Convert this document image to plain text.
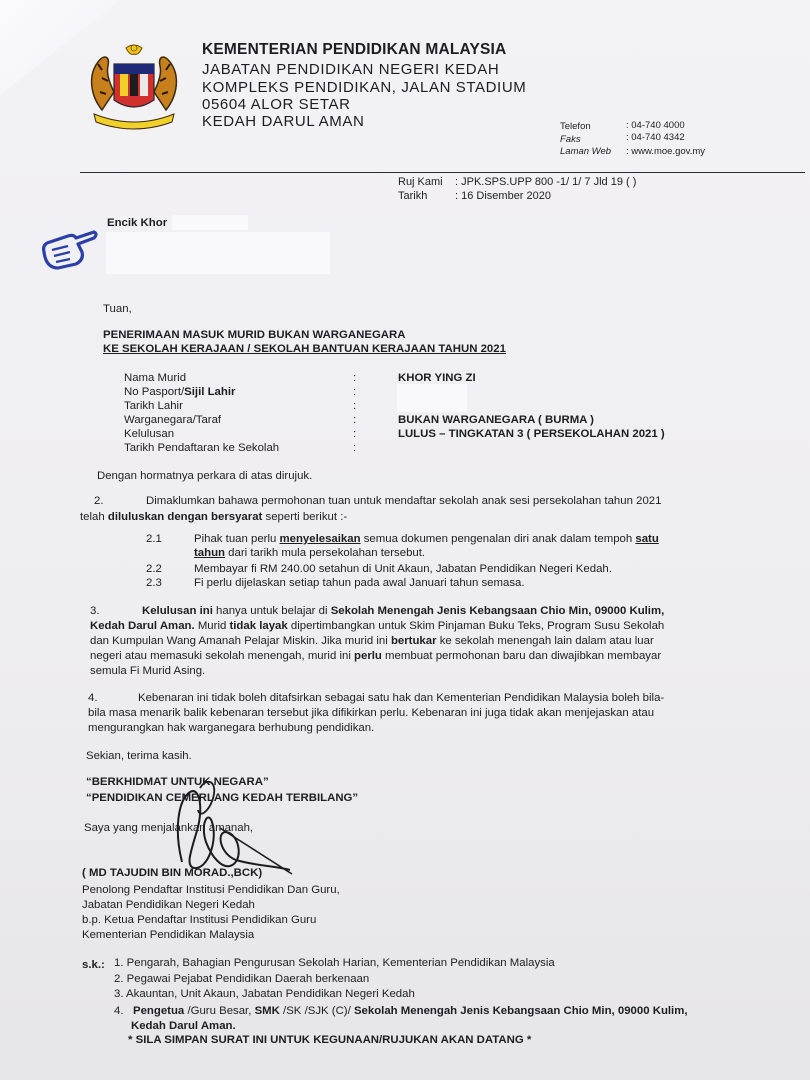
KEMENTERIAN PENDIDIKAN MALAYSIA
JABATAN PENDIDIKAN NEGERI KEDAH
KOMPLEKS PENDIDIKAN, JALAN STADIUM
05604 ALOR SETAR
KEDAH DARUL AMAN	Telefon	: 04-740 4000
Faks	: 04-740 4342
Laman Web : www.moe.gov.my
Ruj Kami : JPK.SPS.UPP 800 -1/ 1/ 7 Jld 19 ( )
Tarikh	: 16 Disember 2020
Encik Khor
Tuan,
PENERIMAAN MASUK MURID BUKAN WARGANEGARA
KE SEKOLAH KERAJAAN / SEKOLAH BANTUAN KERAJAAN TAHUN 2021
Nama Murid	:	KHOR YING ZI
No Pasport/Sijil Lahir	:
Tarikh Lahir	:
Warganegara/Taraf	:	BUKAN WARGANEGARA ( BURMA )
Kelulusan	:	LULUS – TINGKATAN 3 ( PERSEKOLAHAN 2021 )
Tarikh Pendaftaran ke Sekolah	:
Dengan hormatnya perkara di atas dirujuk.
2.	Dimaklumkan bahawa permohonan tuan untuk mendaftar sekolah anak sesi persekolahan tahun 2021
telah diluluskan dengan bersyarat seperti berikut :-
2.1	Pihak tuan perlu menyelesaikan semua dokumen pengenalan diri anak dalam tempoh satu
tahun dari tarikh mula persekolahan tersebut.
2.2	Membayar fi RM 240.00 setahun di Unit Akaun, Jabatan Pendidikan Negeri Kedah.
2.3	Fi perlu dijelaskan setiap tahun pada awal Januari tahun semasa.
3.	Kelulusan ini hanya untuk belajar di Sekolah Menengah Jenis Kebangsaan Chio Min, 09000 Kulim,
Kedah Darul Aman. Murid tidak layak dipertimbangkan untuk Skim Pinjaman Buku Teks, Program Susu Sekolah
dan Kumpulan Wang Amanah Pelajar Miskin. Jika murid ini bertukar ke sekolah menengah lain dalam atau luar
negeri atau memasuki sekolah menengah, murid ini perlu membuat permohonan baru dan diwajibkan membayar
semula Fi Murid Asing.
4.	Kebenaran ini tidak boleh ditafsirkan sebagai satu hak dan Kementerian Pendidikan Malaysia boleh bila-
bila masa menarik balik kebenaran tersebut jika difikirkan perlu. Kebenaran ini juga tidak akan menjejaskan atau
mengurangkan hak warganegara berhubung pendidikan.
Sekian, terima kasih.
“BERKHIDMAT UNTUK NEGARA”
“PENDIDIKAN CEMERLANG KEDAH TERBILANG”
Saya yang menjalankan amanah,
( MD TAJUDIN BIN MORAD.,BCK)
Penolong Pendaftar Institusi Pendidikan Dan Guru,
Jabatan Pendidikan Negeri Kedah
b.p. Ketua Pendaftar Institusi Pendidikan Guru
Kementerian Pendidikan Malaysia
s.k.: 1. Pengarah, Bahagian Pengurusan Sekolah Harian, Kementerian Pendidikan Malaysia
2. Pegawai Pejabat Pendidikan Daerah berkenaan
3. Akauntan, Unit Akaun, Jabatan Pendidikan Negeri Kedah
4. Pengetua /Guru Besar, SMK /SK /SJK (C)/ Sekolah Menengah Jenis Kebangsaan Chio Min, 09000 Kulim,
Kedah Darul Aman.
* SILA SIMPAN SURAT INI UNTUK KEGUNAAN/RUJUKAN AKAN DATANG *
